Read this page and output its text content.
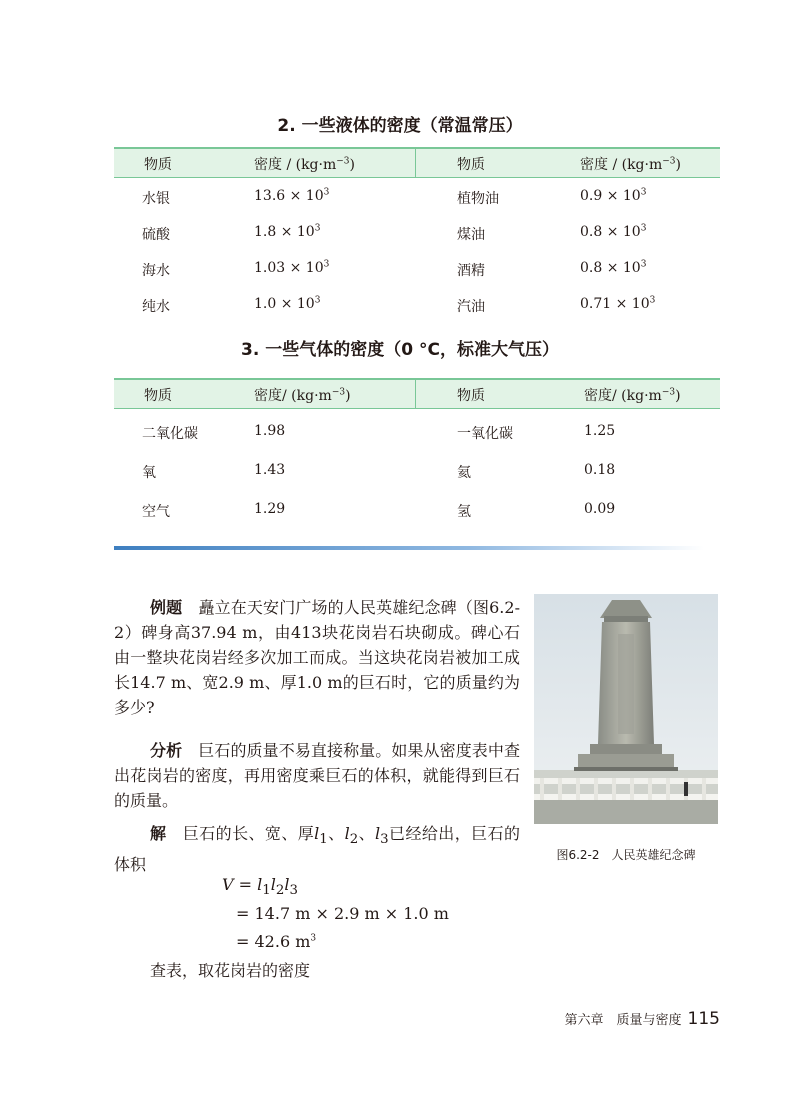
2. 一些液体的密度（常温常压）
物质	密度 / $(kg\cdot m^{-3})$	物质	密度 / $(kg\cdot m^{-3})$
水银	$13.6 \times 10^3$	植物油	$0.9 \times 10^3$
硫酸	$1.8 \times 10^3$	煤油	$0.8 \times 10^3$
海水	$1.03 \times 10^3$	酒精	$0.8 \times 10^3$
纯水	$1.0 \times 10^3$	汽油	$0.71 \times 10^3$
3. 一些气体的密度（0 °C，标准大气压）
物质	密度/ $(kg\cdot m^{-3})$	物质	密度/ $(kg\cdot m^{-3})$
二氧化碳	1.98	一氧化碳	1.25
氧	1.43	氦	0.18
空气	1.29	氢	0.09
例题　 矗立在天安门广场的人民英雄纪念碑（图6.2-2）碑身高37.94 m，由413块花岗岩石块砌成。碑心石由一整块花岗岩经多次加工而成。当这块花岗岩被加工成长14.7 m、宽2.9 m、厚1.0 m的巨石时，它的质量约为多少?
分析　 巨石的质量不易直接称量。如果从密度表中查出花岗岩的密度，再用密度乘巨石的体积，就能得到巨石的质量。
解　 巨石的长、宽、厚$l_1$、$l_2$、$l_3$已经给出，巨石的体积
$V = l_1l_2l_3$
= 14.7 m × 2.9 m × 1.0 m
= 42.6 $m^3$
查表，取花岗岩的密度
图6.2-2　人民英雄纪念碑
第六章　质量与密度 115
